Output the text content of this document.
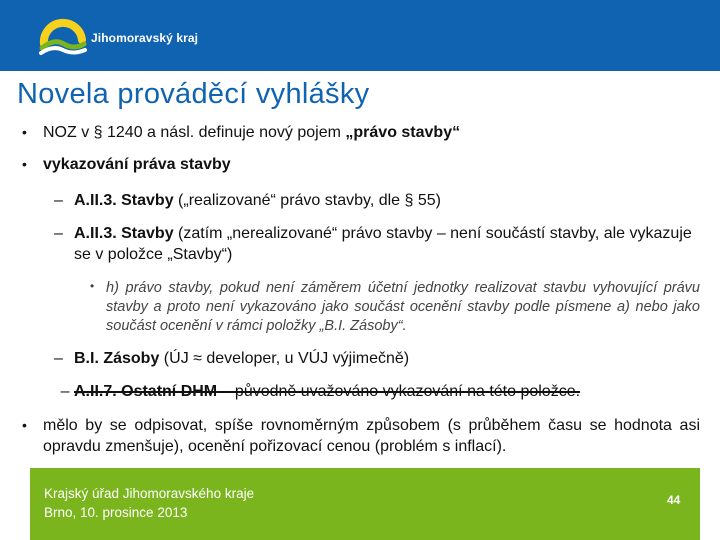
Jihomoravský kraj
Novela prováděcí vyhlášky
• NOZ v § 1240 a násl. definuje nový pojem „právo stavby“
• vykazování práva stavby
– A.II.3. Stavby („realizované“ právo stavby, dle § 55)
– A.II.3. Stavby (zatím „nerealizované“ právo stavby – není součástí stavby, ale vykazuje se v položce „Stavby“)
• h) právo stavby, pokud není záměrem účetní jednotky realizovat stavbu vyhovující právu stavby a proto není vykazováno jako součást ocenění stavby podle písmene a) nebo jako součást ocenění v rámci položky „B.I. Zásoby“.
– B.I. Zásoby (ÚJ ≈ developer, u VÚJ výjimečně)
– A.II.7. Ostatní DHM – původně uvažováno vykazování na této položce.
• mělo by se odpisovat, spíše rovnoměrným způsobem (s průběhem času se hodnota asi opravdu zmenšuje), ocenění pořizovací cenou (problém s inflací).
Krajský úřad Jihomoravského kraje
Brno, 10. prosince 2013
44
